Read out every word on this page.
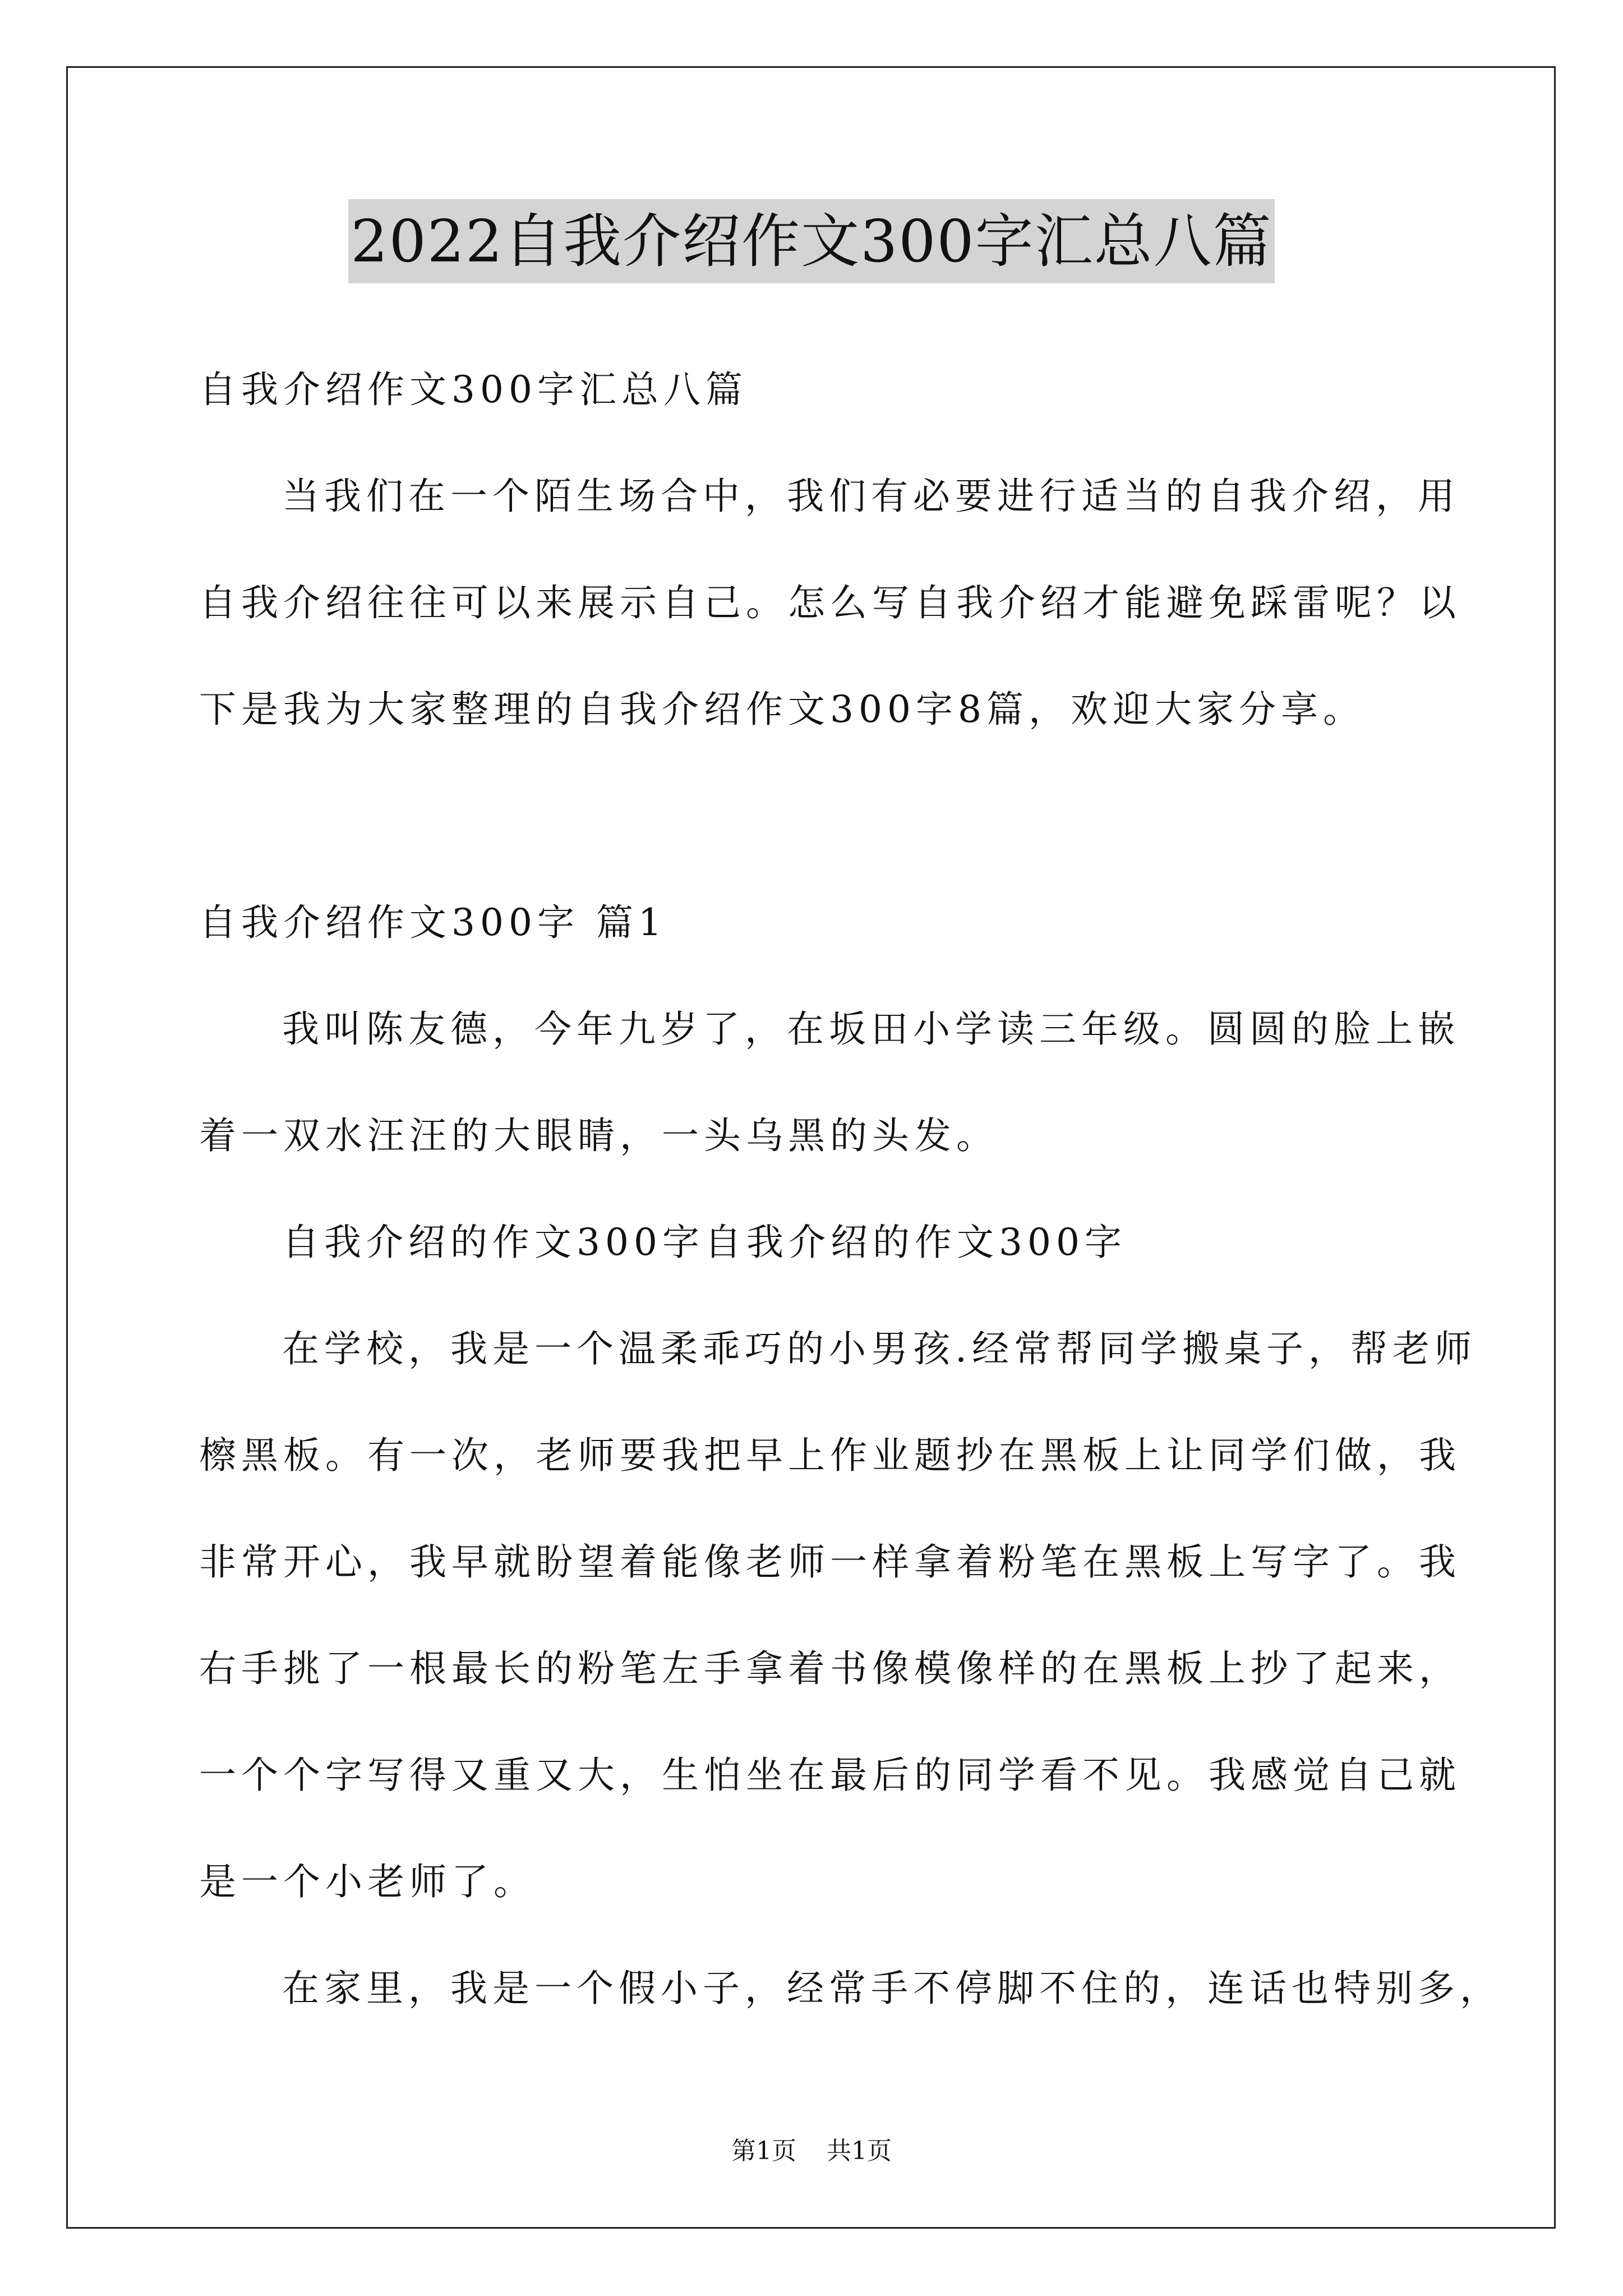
2022自我介绍作文300字汇总八篇
自我介绍作文300字汇总八篇
当我们在一个陌生场合中，我们有必要进行适当的自我介绍，用
自我介绍往往可以来展示自己。怎么写自我介绍才能避免踩雷呢？以
下是我为大家整理的自我介绍作文300字8篇，欢迎大家分享。
自我介绍作文300字 篇1
我叫陈友德，今年九岁了，在坂田小学读三年级。圆圆的脸上嵌
着一双水汪汪的大眼睛，一头乌黑的头发。
自我介绍的作文300字自我介绍的作文300字
在学校，我是一个温柔乖巧的小男孩.经常帮同学搬桌子，帮老师
檫黑板。有一次，老师要我把早上作业题抄在黑板上让同学们做，我
非常开心，我早就盼望着能像老师一样拿着粉笔在黑板上写字了。我
右手挑了一根最长的粉笔左手拿着书像模像样的在黑板上抄了起来，
一个个字写得又重又大，生怕坐在最后的同学看不见。我感觉自己就
是一个小老师了。
在家里，我是一个假小子，经常手不停脚不住的，连话也特别多，
第1页 共1页
